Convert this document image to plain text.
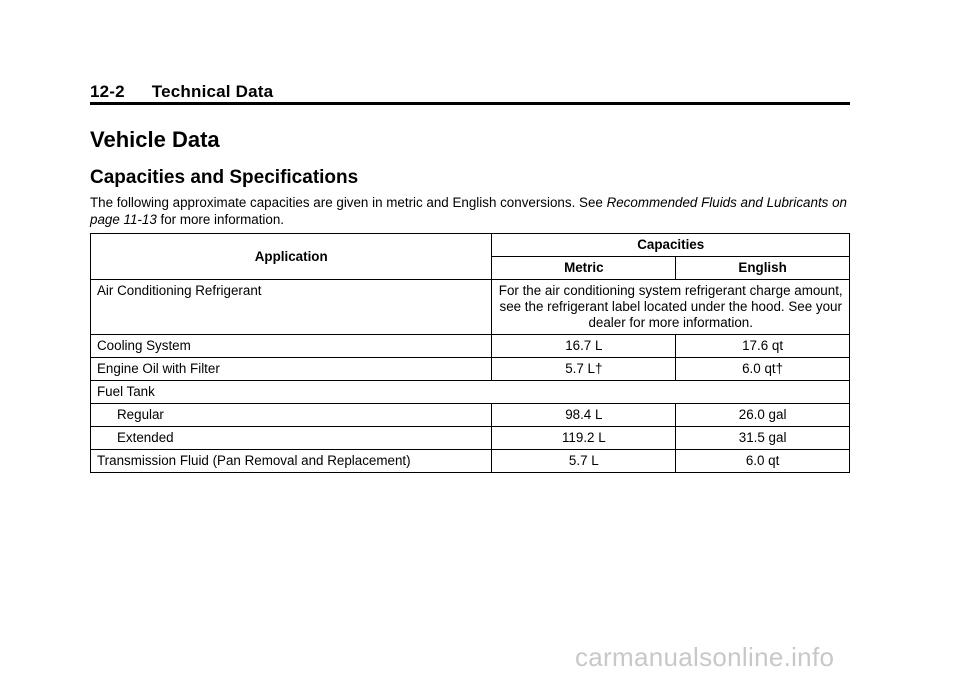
12-2 Technical Data
Vehicle Data
Capacities and Specifications
The following approximate capacities are given in metric and English conversions. See Recommended Fluids and Lubricants on page 11-13 for more information.
Application	Capacities	
	Metric	English
Air Conditioning Refrigerant	For the air conditioning system refrigerant charge amount, see the refrigerant label located under the hood. See your dealer for more information.	
Cooling System	16.7 L	17.6 qt
Engine Oil with Filter	5.7 L†	6.0 qt†
Fuel Tank		
Regular	98.4 L	26.0 gal
Extended	119.2 L	31.5 gal
Transmission Fluid (Pan Removal and Replacement)	5.7 L	6.0 qt
carmanualsonline.info
